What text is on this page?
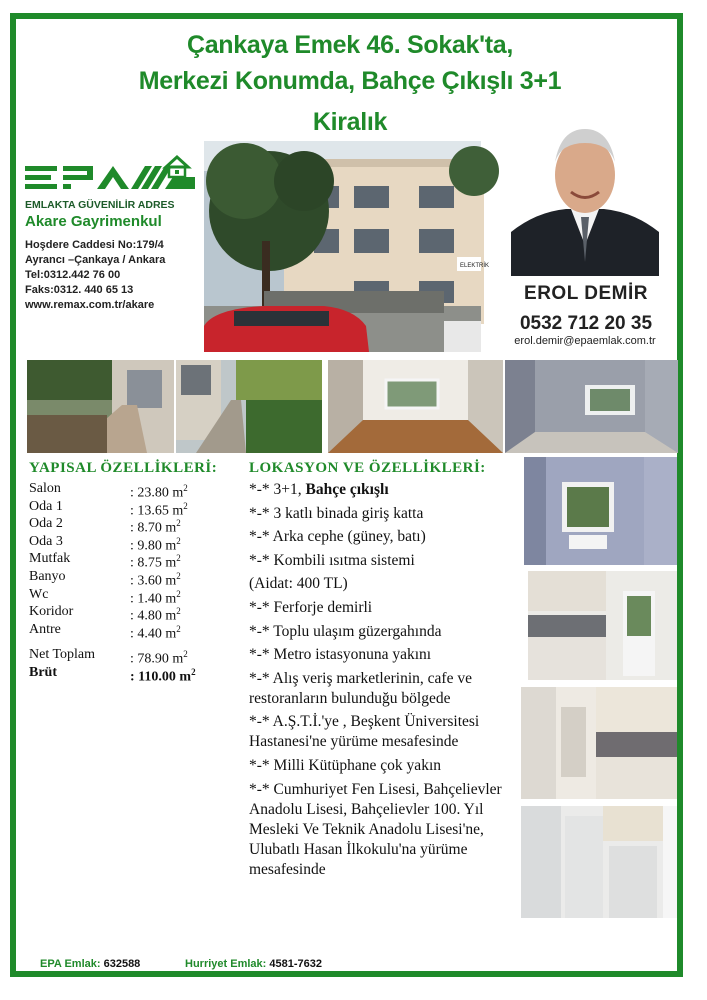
Çankaya Emek 46. Sokak'ta,
Merkezi Konumda, Bahçe Çıkışlı 3+1
Kiralık
EMLAKTA GÜVENİLİR ADRES
Akare Gayrimenkul
Hoşdere Caddesi No:179/4
Ayrancı –Çankaya / Ankara
Tel:0312.442 76 00
Faks:0312. 440 65 13
www.remax.com.tr/akare
ELEKTRİK
EROL DEMİR
0532 712 20 35
erol.demir@epaemlak.com.tr
YAPISAL ÖZELLİKLERİ:
Salon	: 23.80 $m^2$
Oda 1	: 13.65 $m^2$
Oda 2	: 8.70 $m^2$
Oda 3	: 9.80 $m^2$
Mutfak	: 8.75 $m^2$
Banyo	: 3.60 $m^2$
Wc	: 1.40 $m^2$
Koridor	: 4.80 $m^2$
Antre	: 4.40 $m^2$
Net Toplam : 78.90 $m^2$
Brüt	: 110.00 $m^2$
LOKASYON VE ÖZELLİKLERİ:
*-* 3+1, Bahçe çıkışlı
*-* 3 katlı binada giriş katta
*-* Arka cephe (güney, batı)
*-* Kombili ısıtma sistemi
(Aidat: 400 TL)
*-* Ferforje demirli
*-* Toplu ulaşım güzergahında
*-* Metro istasyonuna yakını
*-* Alış veriş marketlerinin, cafe ve restoranların bulunduğu bölgede
*-* A.Ş.T.İ.'ye , Beşkent Üniversitesi Hastanesi'ne yürüme mesafesinde
*-* Milli Kütüphane çok yakın
*-* Cumhuriyet Fen Lisesi, Bahçelievler Anadolu Lisesi, Bahçelievler 100. Yıl Mesleki Ve Teknik Anadolu Lisesi'ne, Ulubatlı Hasan İlkokulu'na yürüme mesafesinde
EPA Emlak: 632588	Hurriyet Emlak: 4581-7632
